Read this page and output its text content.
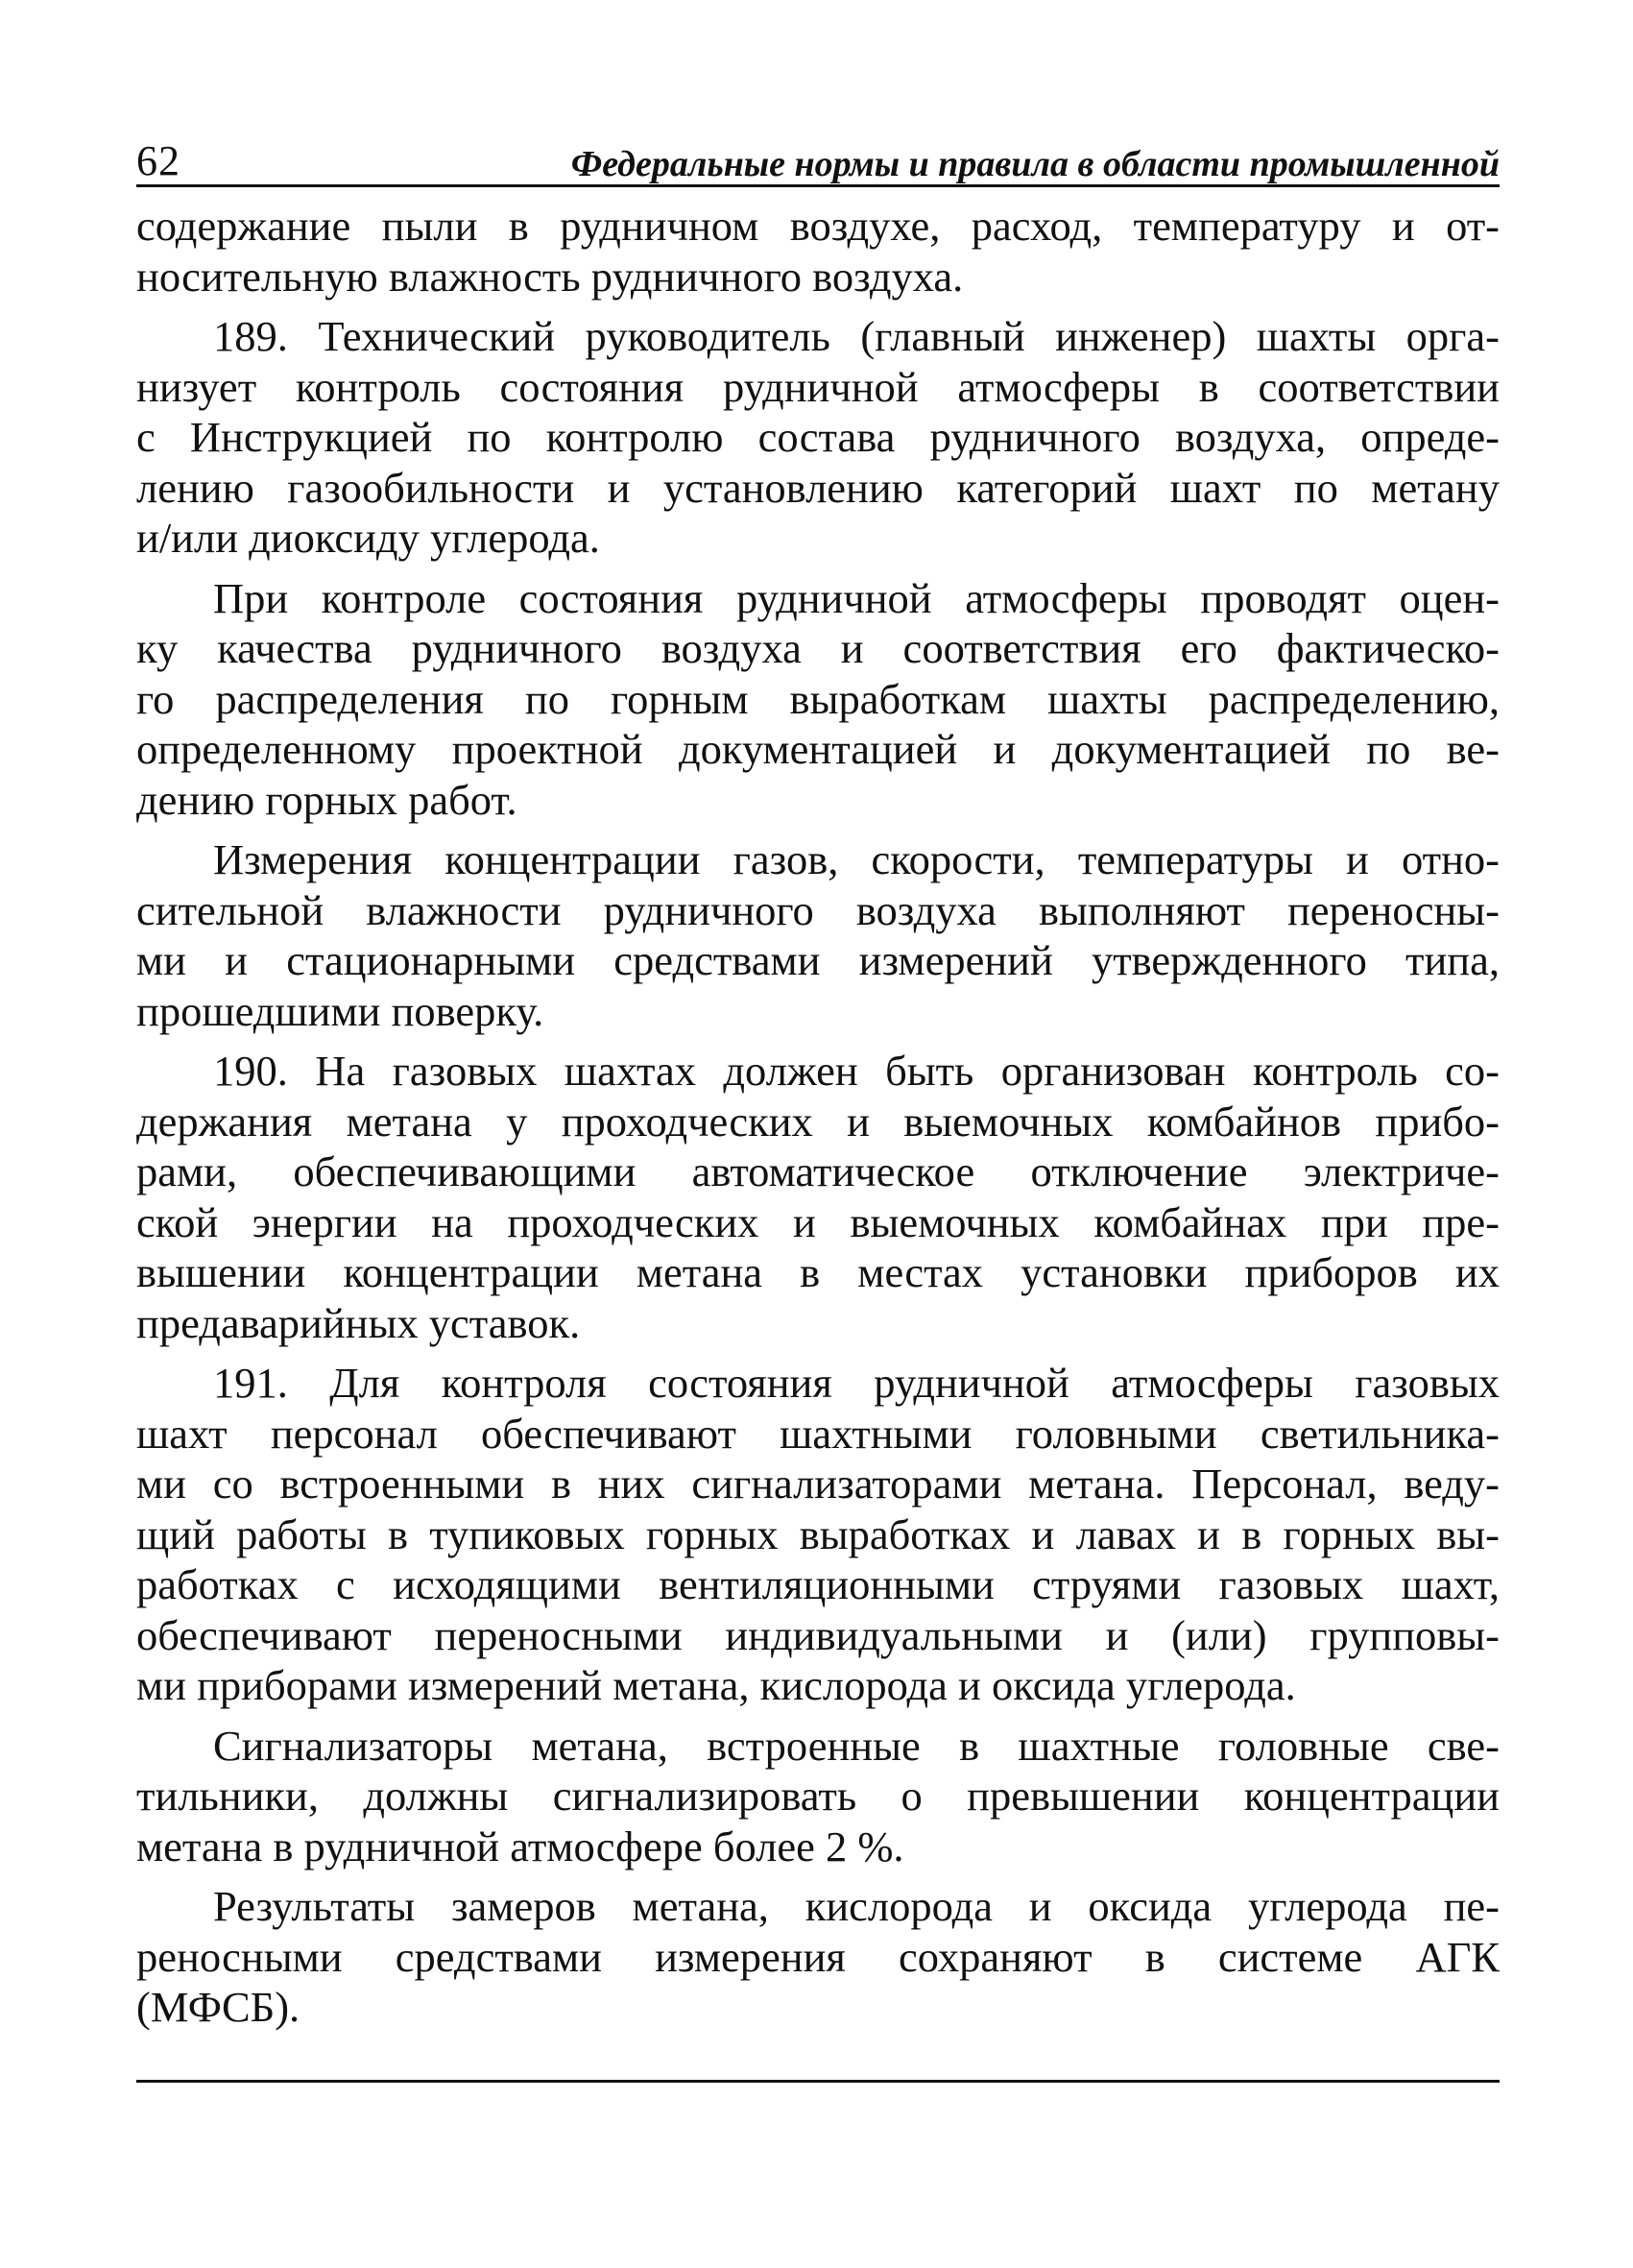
62	Федеральные нормы и правила в области промышленной
содержание пыли в рудничном воздухе, расход, температуру и от-
носительную влажность рудничного воздуха.
189. Технический руководитель (главный инженер) шахты орга-
низует контроль состояния рудничной атмосферы в соответствии
с Инструкцией по контролю состава рудничного воздуха, опреде-
лению газообильности и установлению категорий шахт по метану
и/или диоксиду углерода.
При контроле состояния рудничной атмосферы проводят оцен-
ку качества рудничного воздуха и соответствия его фактическо-
го распределения по горным выработкам шахты распределению,
определенному проектной документацией и документацией по ве-
дению горных работ.
Измерения концентрации газов, скорости, температуры и отно-
сительной влажности рудничного воздуха выполняют переносны-
ми и стационарными средствами измерений утвержденного типа,
прошедшими поверку.
190. На газовых шахтах должен быть организован контроль со-
держания метана у проходческих и выемочных комбайнов прибо-
рами, обеспечивающими автоматическое отключение электриче-
ской энергии на проходческих и выемочных комбайнах при пре-
вышении концентрации метана в местах установки приборов их
предаварийных уставок.
191. Для контроля состояния рудничной атмосферы газовых
шахт персонал обеспечивают шахтными головными светильника-
ми со встроенными в них сигнализаторами метана. Персонал, веду-
щий работы в тупиковых горных выработках и лавах и в горных вы-
работках с исходящими вентиляционными струями газовых шахт,
обеспечивают переносными индивидуальными и (или) групповы-
ми приборами измерений метана, кислорода и оксида углерода.
Сигнализаторы метана, встроенные в шахтные головные све-
тильники, должны сигнализировать о превышении концентрации
метана в рудничной атмосфере более 2 %.
Результаты замеров метана, кислорода и оксида углерода пе-
реносными средствами измерения сохраняют в системе АГК
(МФСБ).
